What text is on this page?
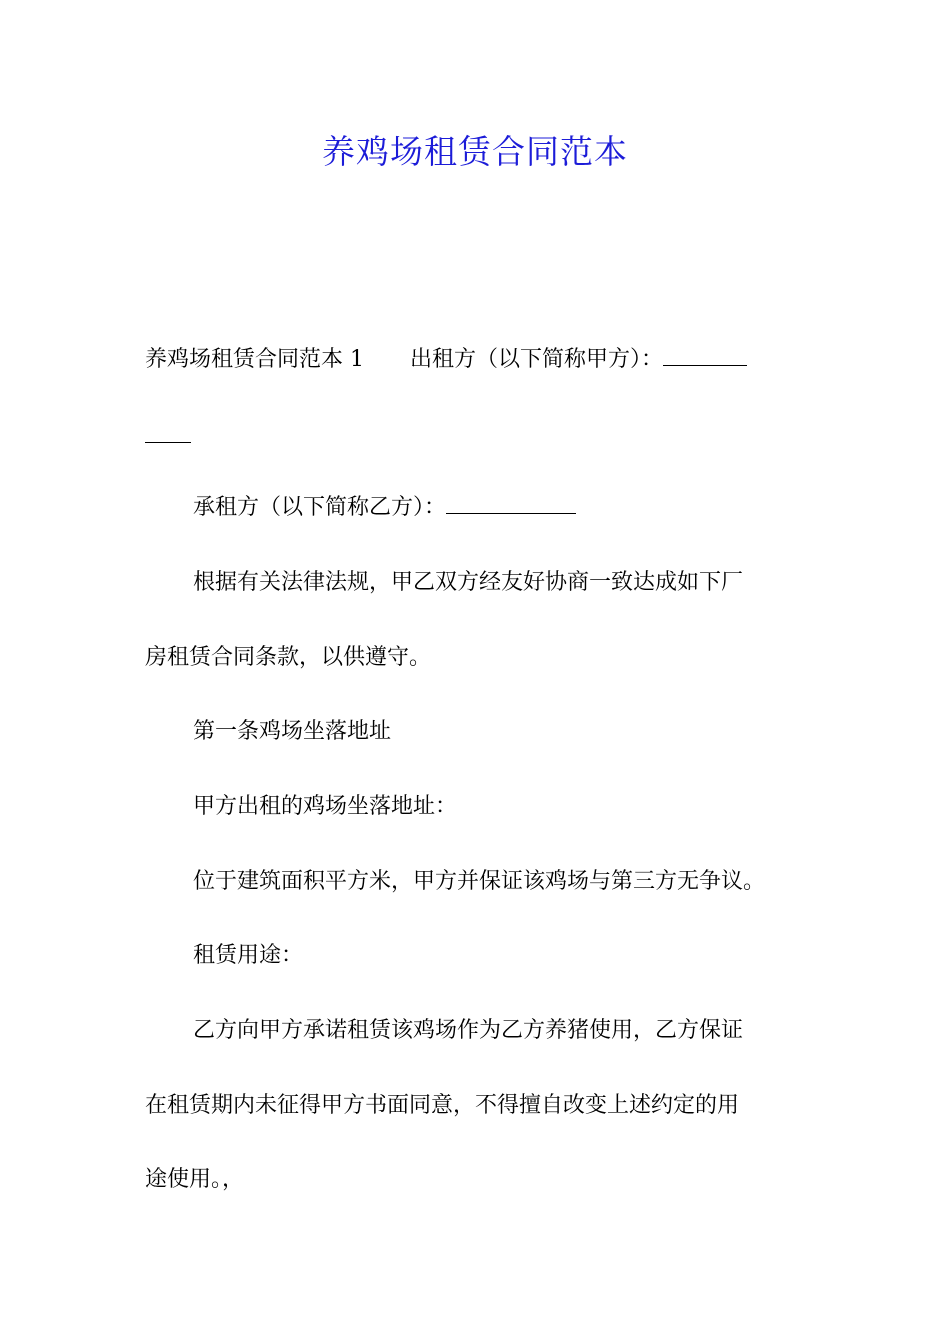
养鸡场租赁合同范本
养鸡场租赁合同范本 1 出租方（以下简称甲方）：
承租方（以下简称乙方）：
根据有关法律法规，甲乙双方经友好协商一致达成如下厂
房租赁合同条款，以供遵守。
第一条鸡场坐落地址
甲方出租的鸡场坐落地址：
位于建筑面积平方米，甲方并保证该鸡场与第三方无争议。
租赁用途：
乙方向甲方承诺租赁该鸡场作为乙方养猪使用，乙方保证
在租赁期内未征得甲方书面同意，不得擅自改变上述约定的用
途使用。，
